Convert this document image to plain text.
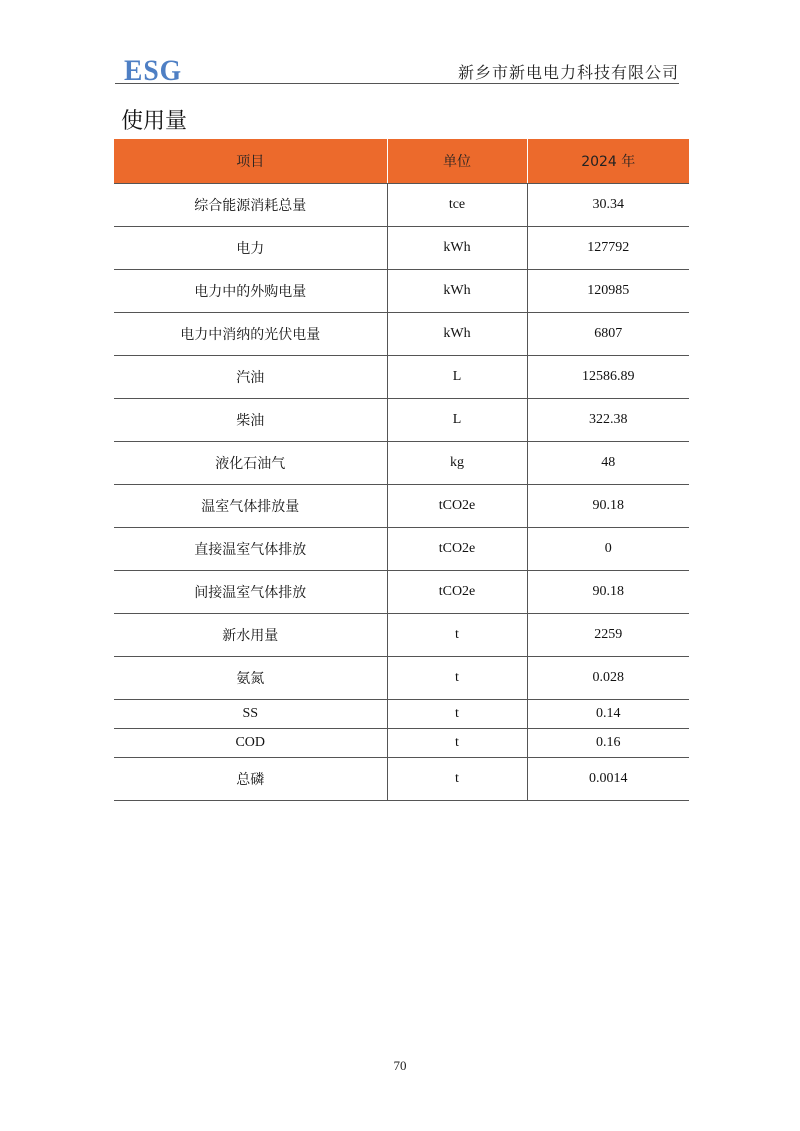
ESG	新乡市新电电力科技有限公司
使用量
项目	单位	2024 年
综合能源消耗总量	tce	30.34
电力	kWh	127792
电力中的外购电量	kWh	120985
电力中消纳的光伏电量	kWh	6807
汽油	L	12586.89
柴油	L	322.38
液化石油气	kg	48
温室气体排放量	tCO2e	90.18
直接温室气体排放	tCO2e	0
间接温室气体排放	tCO2e	90.18
新水用量	t	2259
氨氮	t	0.028
SS	t	0.14
COD	t	0.16
总磷	t	0.0014
70
